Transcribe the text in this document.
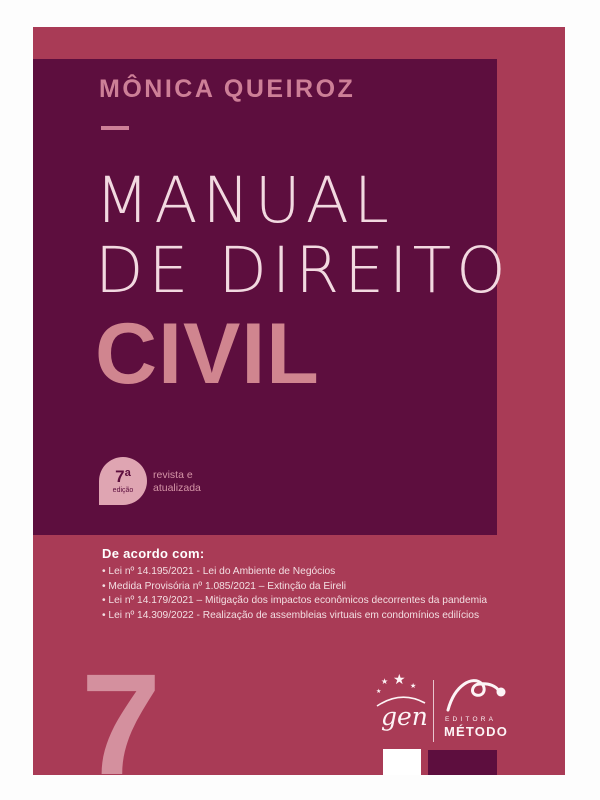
MÔNICA QUEIROZ
MANUAL
DE DIREITO
CIVIL
7ª
edição
revista e
atualizada
De acordo com:
• Lei nº 14.195/2021 - Lei do Ambiente de Negócios
• Medida Provisória nº 1.085/2021 – Extinção da Eireli
• Lei nº 14.179/2021 – Mitigação dos impactos econômicos decorrentes da pandemia
• Lei nº 14.309/2022 - Realização de assembleias virtuais em condomínios edilícios
7	★ ★ ★
★
gen	EDITORA
MÉTODO
